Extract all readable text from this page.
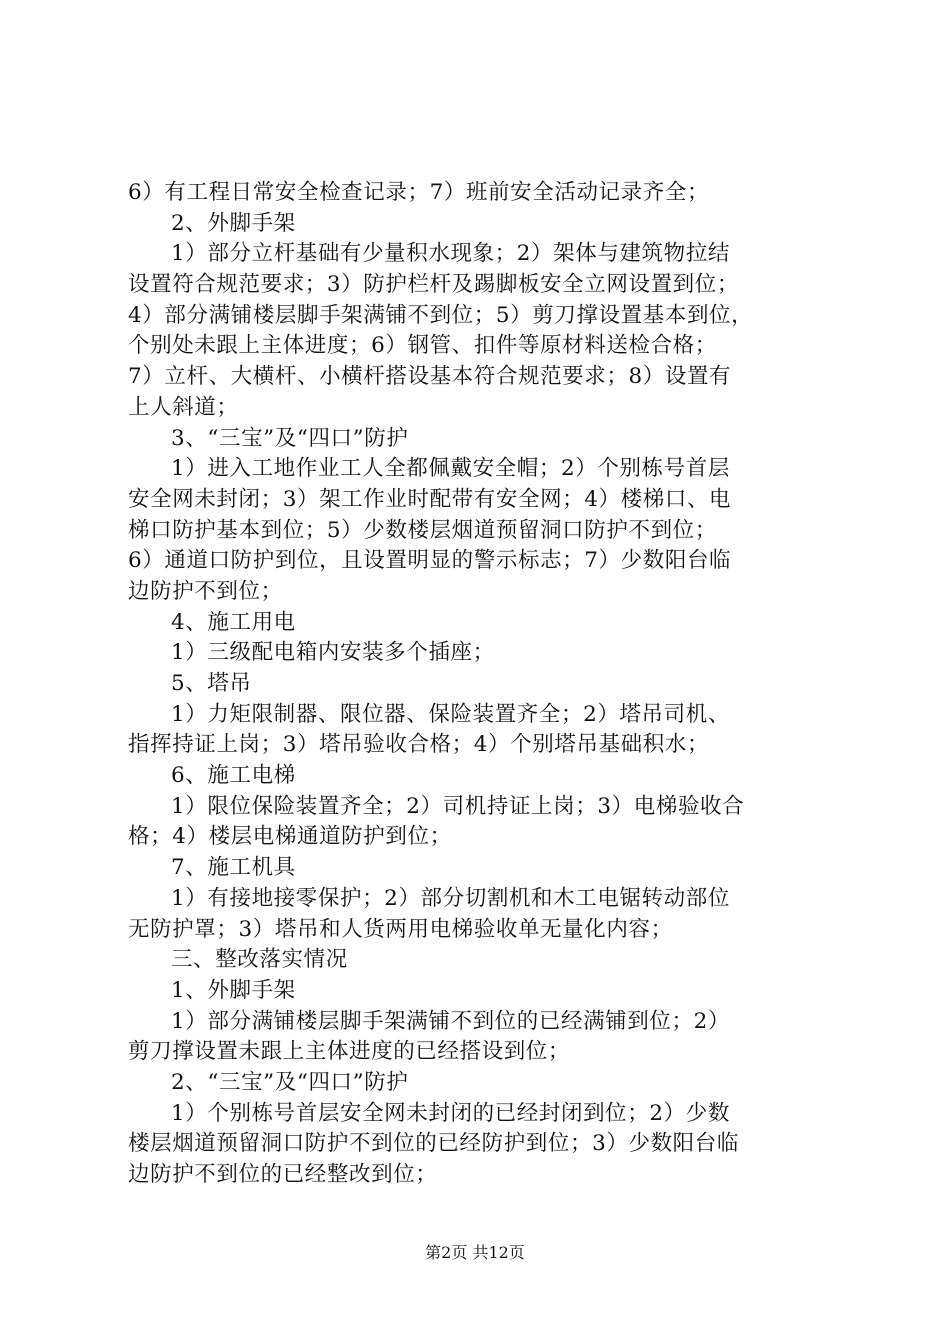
6）有工程日常安全检查记录；7）班前安全活动记录齐全；
2、外脚手架
1）部分立杆基础有少量积水现象；2）架体与建筑物拉结
设置符合规范要求；3）防护栏杆及踢脚板安全立网设置到位；
4）部分满铺楼层脚手架满铺不到位；5）剪刀撑设置基本到位，
个别处未跟上主体进度；6）钢管、扣件等原材料送检合格；
7）立杆、大横杆、小横杆搭设基本符合规范要求；8）设置有
上人斜道；
3、“三宝”及“四口”防护
1）进入工地作业工人全都佩戴安全帽；2）个别栋号首层
安全网未封闭；3）架工作业时配带有安全网；4）楼梯口、电
梯口防护基本到位；5）少数楼层烟道预留洞口防护不到位；
6）通道口防护到位，且设置明显的警示标志；7）少数阳台临
边防护不到位；
4、施工用电
1）三级配电箱内安装多个插座；
5、塔吊
1）力矩限制器、限位器、保险装置齐全；2）塔吊司机、
指挥持证上岗；3）塔吊验收合格；4）个别塔吊基础积水；
6、施工电梯
1）限位保险装置齐全；2）司机持证上岗；3）电梯验收合
格；4）楼层电梯通道防护到位；
7、施工机具
1）有接地接零保护；2）部分切割机和木工电锯转动部位
无防护罩；3）塔吊和人货两用电梯验收单无量化内容；
三、整改落实情况
1、外脚手架
1）部分满铺楼层脚手架满铺不到位的已经满铺到位；2）
剪刀撑设置未跟上主体进度的已经搭设到位；
2、“三宝”及“四口”防护
1）个别栋号首层安全网未封闭的已经封闭到位；2）少数
楼层烟道预留洞口防护不到位的已经防护到位；3）少数阳台临
边防护不到位的已经整改到位；
第2页 共12页
